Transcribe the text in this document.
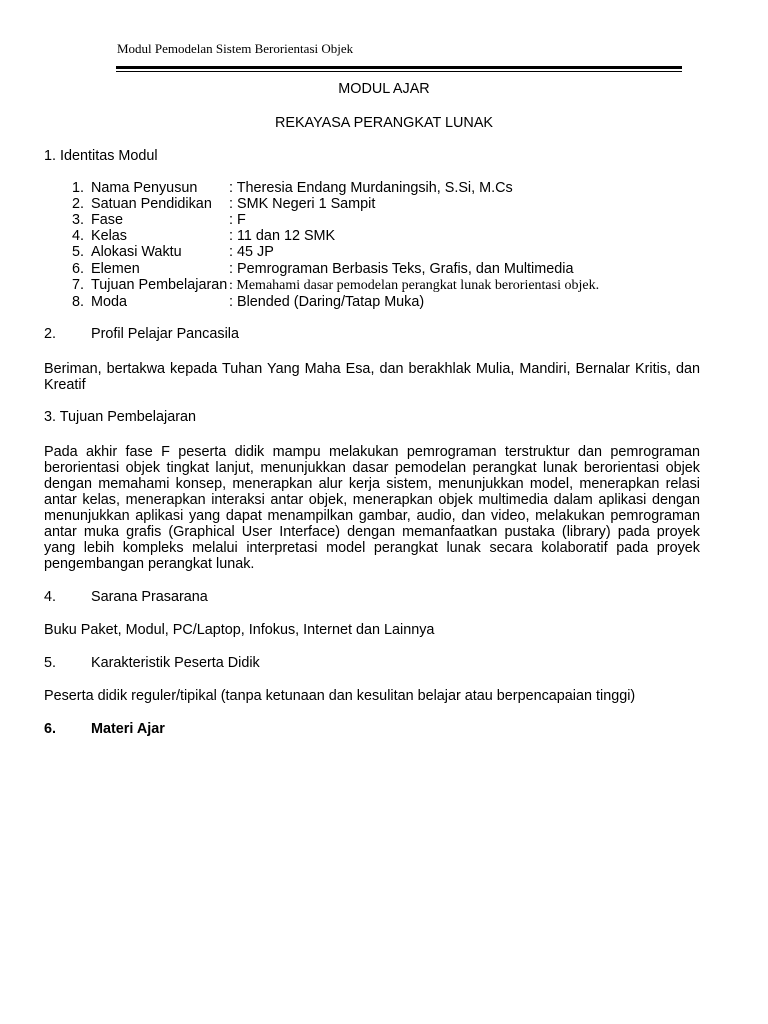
Modul Pemodelan Sistem Berorientasi Objek
MODUL AJAR
REKAYASA PERANGKAT LUNAK
1. Identitas Modul
1. Nama Penyusun : Theresia Endang Murdaningsih, S.Si, M.Cs
2. Satuan Pendidikan : SMK Negeri 1 Sampit
3. Fase	: F
4. Kelas	: 11 dan 12 SMK
5. Alokasi Waktu	: 45 JP
6. Elemen	: Pemrograman Berbasis Teks, Grafis, dan Multimedia
7. Tujuan Pembelajaran : Memahami dasar pemodelan perangkat lunak berorientasi objek.
8. Moda	: Blended (Daring/Tatap Muka)
2. Profil Pelajar Pancasila
Beriman, bertakwa kepada Tuhan Yang Maha Esa, dan berakhlak Mulia, Mandiri, Bernalar Kritis, dan Kreatif
3. Tujuan Pembelajaran
Pada akhir fase F peserta didik mampu melakukan pemrograman terstruktur dan pemrograman berorientasi objek tingkat lanjut, menunjukkan dasar pemodelan perangkat lunak berorientasi objek dengan memahami konsep, menerapkan alur kerja sistem, menunjukkan model, menerapkan relasi antar kelas, menerapkan interaksi antar objek, menerapkan objek multimedia dalam aplikasi dengan menunjukkan aplikasi yang dapat menampilkan gambar, audio, dan video, melakukan pemrograman antar muka grafis (Graphical User Interface) dengan memanfaatkan pustaka (library) pada proyek yang lebih kompleks melalui interpretasi model perangkat lunak secara kolaboratif pada proyek pengembangan perangkat lunak.
4. Sarana Prasarana
Buku Paket, Modul, PC/Laptop, Infokus, Internet dan Lainnya
5. Karakteristik Peserta Didik
Peserta didik reguler/tipikal (tanpa ketunaan dan kesulitan belajar atau berpencapaian tinggi)
6. Materi Ajar
